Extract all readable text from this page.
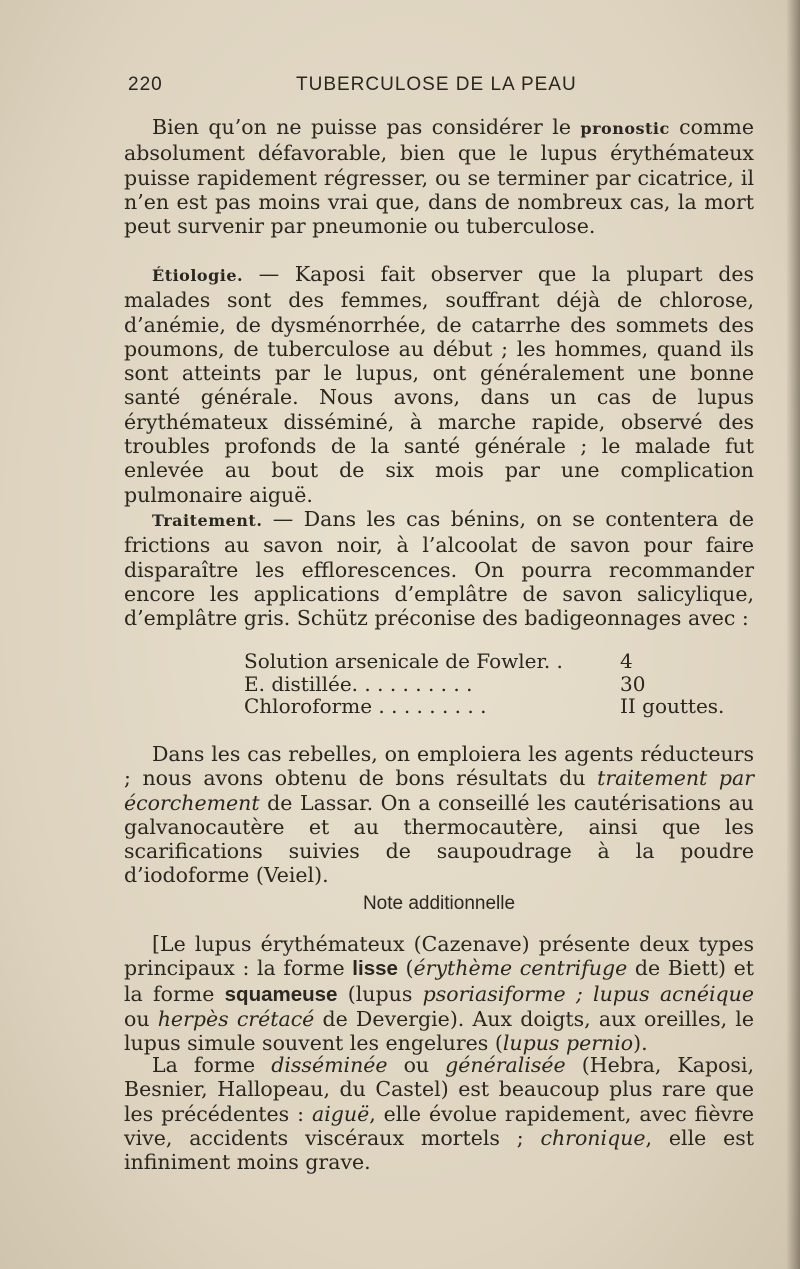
220	TUBERCULOSE DE LA PEAU

Bien qu’on ne puisse pas considérer le pronostic comme absolument défavorable, bien que le lupus érythémateux puisse rapidement régresser, ou se terminer par cicatrice, il n’en est pas moins vrai que, dans de nombreux cas, la mort peut survenir par pneumonie ou tuberculose.

Étiologie. — Kaposi fait observer que la plupart des malades sont des femmes, souffrant déjà de chlorose, d’anémie, de dysménorrhée, de catarrhe des sommets des poumons, de tuberculose au début ; les hommes, quand ils sont atteints par le lupus, ont généralement une bonne santé générale. Nous avons, dans un cas de lupus érythémateux disséminé, à marche rapide, observé des troubles profonds de la santé générale ; le malade fut enlevée au bout de six mois par une complication pulmonaire aiguë.

Traitement. — Dans les cas bénins, on se contentera de frictions au savon noir, à l’alcoolat de savon pour faire disparaître les efflorescences. On pourra recommander encore les applications d’emplâtre de savon salicylique, d’emplâtre gris. Schütz préconise des badigeonnages avec :

Solution arsenicale de Fowler. .	4
E. distillée. . . . . . . . . .	30
Chloroforme . . . . . . . . .	II gouttes.

Dans les cas rebelles, on emploiera les agents réducteurs ; nous avons obtenu de bons résultats du traitement par écorchement de Lassar. On a conseillé les cautérisations au galvanocautère et au thermocautère, ainsi que les scarifications suivies de saupoudrage à la poudre d’iodoforme (Veiel).

Note additionnelle

[Le lupus érythémateux (Cazenave) présente deux types principaux : la forme lisse (érythème centrifuge de Biett) et la forme squameuse (lupus psoriasiforme ; lupus acnéique ou herpès crétacé de Devergie). Aux doigts, aux oreilles, le lupus simule souvent les engelures (lupus pernio).

La forme disséminée ou généralisée (Hebra, Kaposi, Besnier, Hallopeau, du Castel) est beaucoup plus rare que les précédentes : aiguë, elle évolue rapidement, avec fièvre vive, accidents viscéraux mortels ; chronique, elle est infiniment moins grave.
